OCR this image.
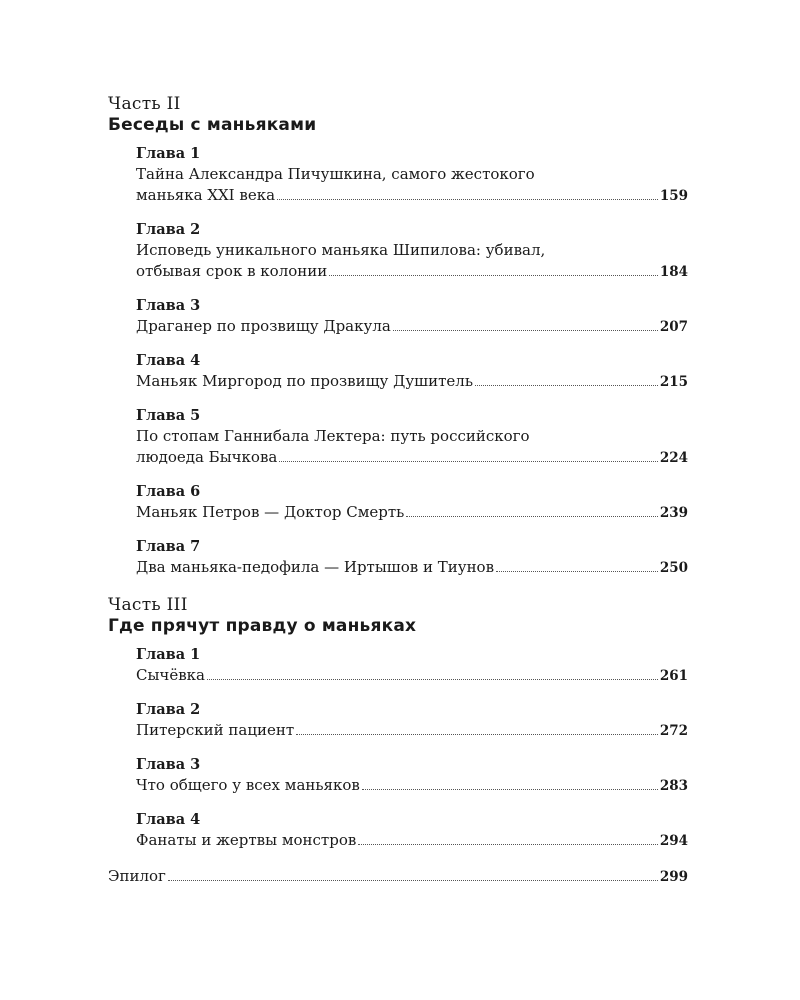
Часть II

Беседы с маньяками

Глава 1
Тайна Александра Пичушкина, самого жестокого
маньяка XXI века	159
Глава 2
Исповедь уникального маньяка Шипилова: убивал,
отбывая срок в колонии	184
Глава 3
Драганер по прозвищу Дракула	207
Глава 4
Маньяк Миргород по прозвищу Душитель	215
Глава 5
По стопам Ганнибала Лектера: путь российского
людоеда Бычкова	224
Глава 6
Маньяк Петров — Доктор Смерть	239
Глава 7
Два маньяка-педофила — Иртышов и Тиунов	250

Часть III

Где прячут правду о маньяках

Глава 1
Сычёвка	261
Глава 2
Питерский пациент	272
Глава 3
Что общего у всех маньяков	283
Глава 4
Фанаты и жертвы монстров	294
Эпилог	299
